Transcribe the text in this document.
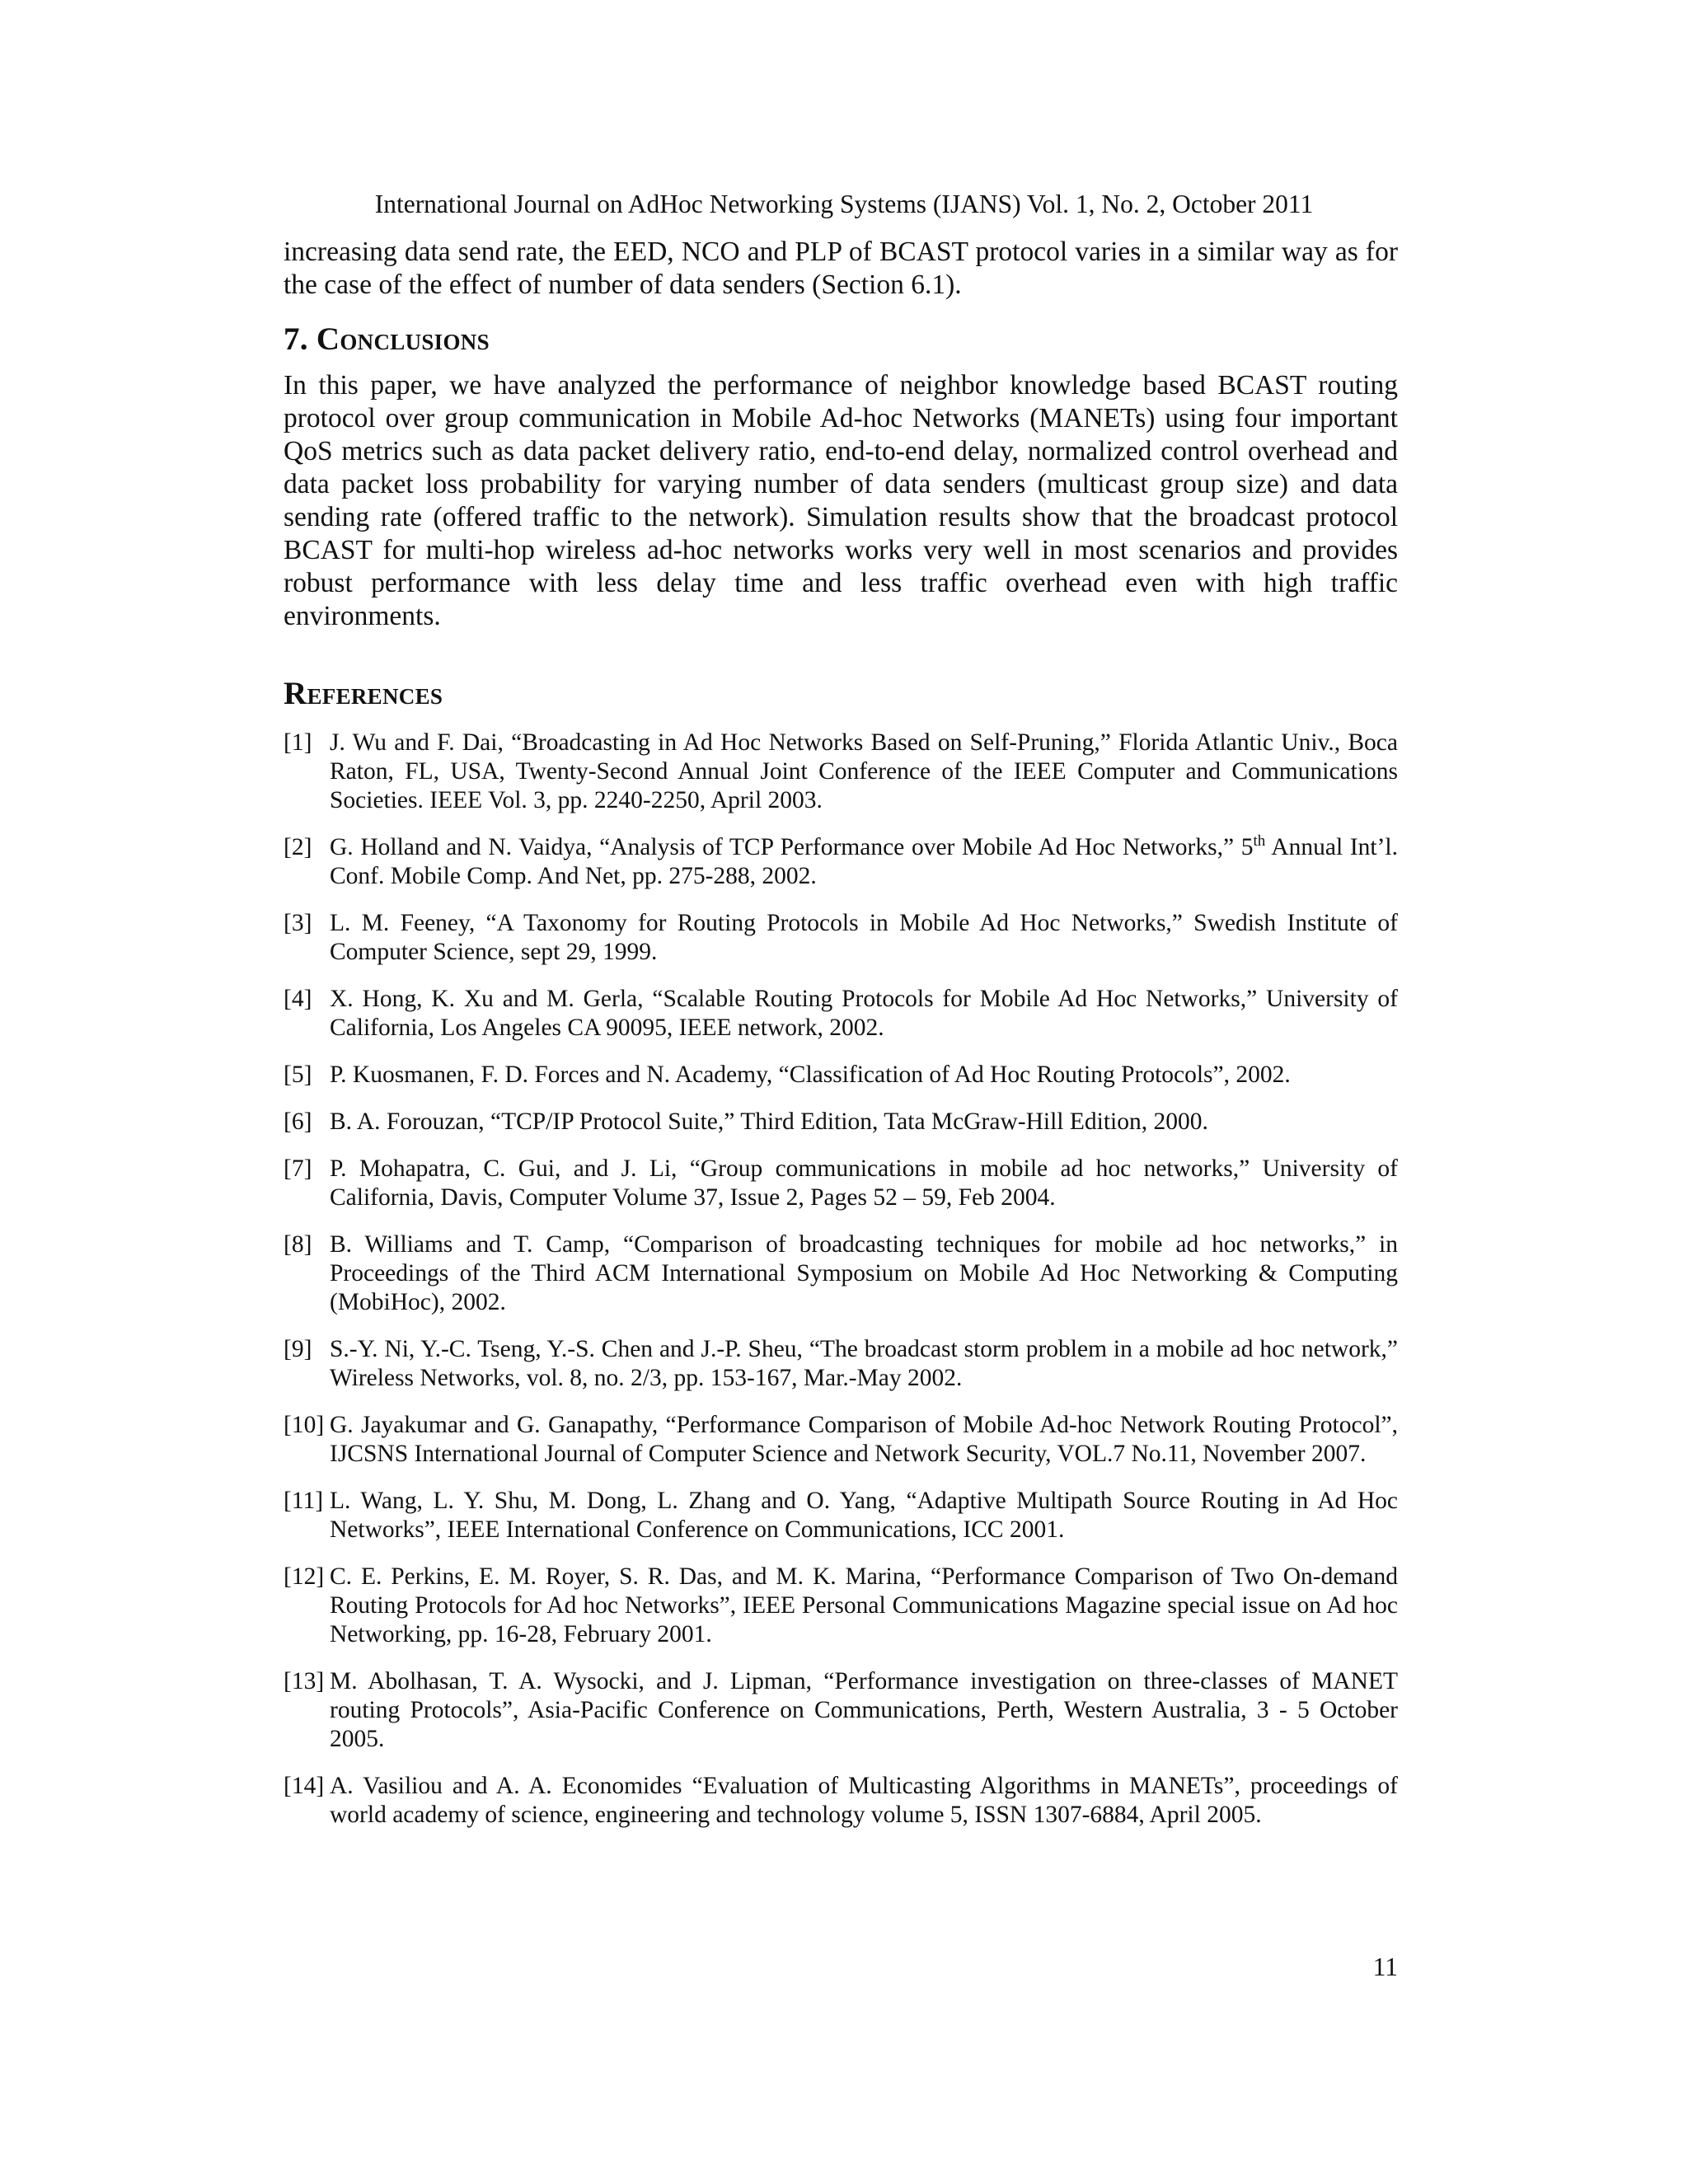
International Journal on AdHoc Networking Systems (IJANS) Vol. 1, No. 2, October 2011

increasing data send rate, the EED, NCO and PLP of BCAST protocol varies in a similar way as for the case of the effect of number of data senders (Section 6.1).

7. Conclusions

In this paper, we have analyzed the performance of neighbor knowledge based BCAST routing protocol over group communication in Mobile Ad-hoc Networks (MANETs) using four important QoS metrics such as data packet delivery ratio, end-to-end delay, normalized control overhead and data packet loss probability for varying number of data senders (multicast group size) and data sending rate (offered traffic to the network). Simulation results show that the broadcast protocol BCAST for multi-hop wireless ad-hoc networks works very well in most scenarios and provides robust performance with less delay time and less traffic overhead even with high traffic environments.

References
[1] J. Wu and F. Dai, “Broadcasting in Ad Hoc Networks Based on Self-Pruning,” Florida Atlantic Univ., Boca Raton, FL, USA, Twenty-Second Annual Joint Conference of the IEEE Computer and Communications Societies. IEEE Vol. 3, pp. 2240-2250, April 2003.
[2] G. Holland and N. Vaidya, “Analysis of TCP Performance over Mobile Ad Hoc Networks,” 5th Annual Int’l. Conf. Mobile Comp. And Net, pp. 275-288, 2002.
[3] L. M. Feeney, “A Taxonomy for Routing Protocols in Mobile Ad Hoc Networks,” Swedish Institute of Computer Science, sept 29, 1999.
[4] X. Hong, K. Xu and M. Gerla, “Scalable Routing Protocols for Mobile Ad Hoc Networks,” University of California, Los Angeles CA 90095, IEEE network, 2002.
[5] P. Kuosmanen, F. D. Forces and N. Academy, “Classification of Ad Hoc Routing Protocols”, 2002.
[6] B. A. Forouzan, “TCP/IP Protocol Suite,” Third Edition, Tata McGraw-Hill Edition, 2000.
[7] P. Mohapatra, C. Gui, and J. Li, “Group communications in mobile ad hoc networks,” University of California, Davis, Computer Volume 37, Issue 2, Pages 52 – 59, Feb 2004.
[8] B. Williams and T. Camp, “Comparison of broadcasting techniques for mobile ad hoc networks,” in Proceedings of the Third ACM International Symposium on Mobile Ad Hoc Networking & Computing (MobiHoc), 2002.
[9] S.-Y. Ni, Y.-C. Tseng, Y.-S. Chen and J.-P. Sheu, “The broadcast storm problem in a mobile ad hoc network,” Wireless Networks, vol. 8, no. 2/3, pp. 153-167, Mar.-May 2002.
[10] G. Jayakumar and G. Ganapathy, “Performance Comparison of Mobile Ad-hoc Network Routing Protocol”, IJCSNS International Journal of Computer Science and Network Security, VOL.7 No.11, November 2007.
[11] L. Wang, L. Y. Shu, M. Dong, L. Zhang and O. Yang, “Adaptive Multipath Source Routing in Ad Hoc Networks”, IEEE International Conference on Communications, ICC 2001.
[12] C. E. Perkins, E. M. Royer, S. R. Das, and M. K. Marina, “Performance Comparison of Two On-demand Routing Protocols for Ad hoc Networks”, IEEE Personal Communications Magazine special issue on Ad hoc Networking, pp. 16-28, February 2001.
[13] M. Abolhasan, T. A. Wysocki, and J. Lipman, “Performance investigation on three-classes of MANET routing Protocols”, Asia-Pacific Conference on Communications, Perth, Western Australia, 3 - 5 October 2005.
[14] A. Vasiliou and A. A. Economides “Evaluation of Multicasting Algorithms in MANETs”, proceedings of world academy of science, engineering and technology volume 5, ISSN 1307-6884, April 2005.
11
